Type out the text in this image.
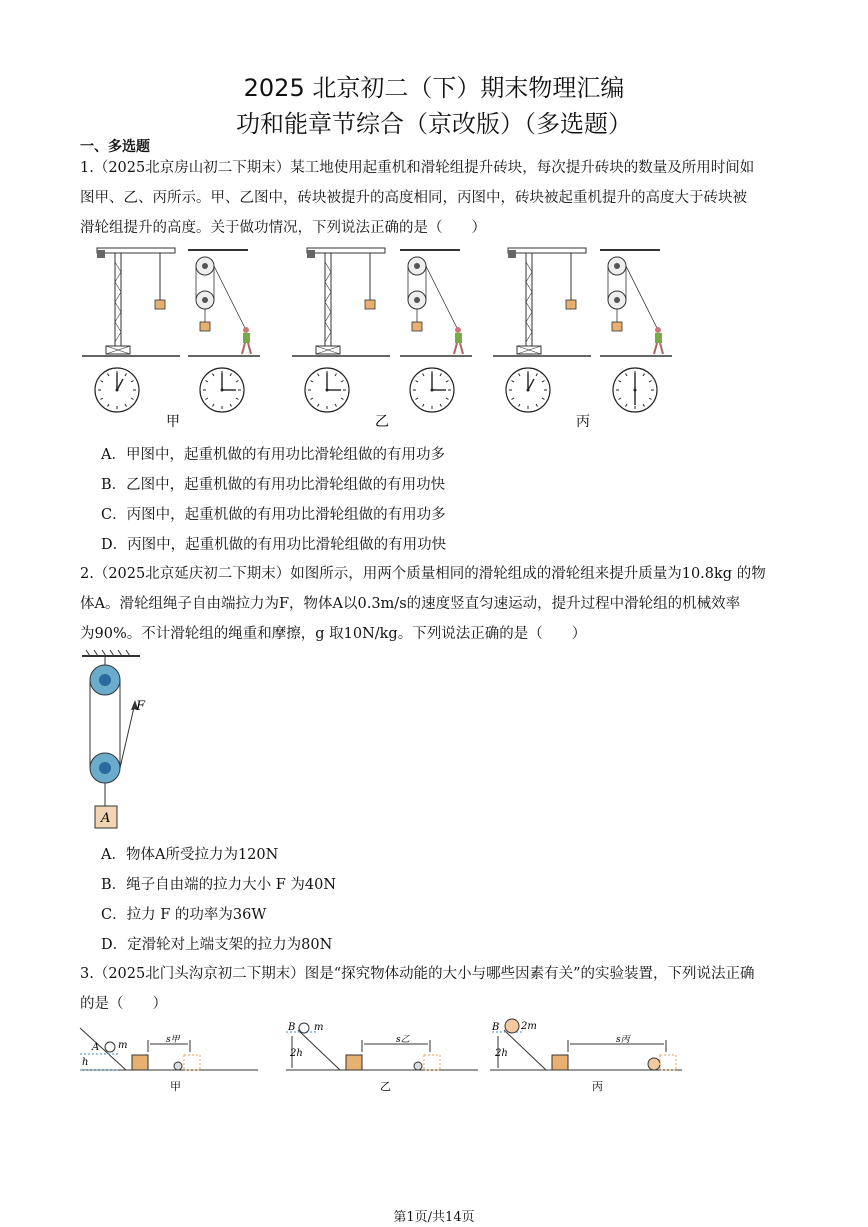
2025 北京初二（下）期末物理汇编
功和能章节综合（京改版）（多选题）
一、多选题
1.（2025北京房山初二下期末）某工地使用起重机和滑轮组提升砖块，每次提升砖块的数量及所用时间如
图甲、乙、丙所示。甲、乙图中，砖块被提升的高度相同，丙图中，砖块被起重机提升的高度大于砖块被
滑轮组提升的高度。关于做功情况，下列说法正确的是（　　）
甲	乙	丙
A．甲图中，起重机做的有用功比滑轮组做的有用功多
B．乙图中，起重机做的有用功比滑轮组做的有用功快
C．丙图中，起重机做的有用功比滑轮组做的有用功多
D．丙图中，起重机做的有用功比滑轮组做的有用功快
2.（2025北京延庆初二下期末）如图所示，用两个质量相同的滑轮组成的滑轮组来提升质量为10.8kg 的物
体A。滑轮组绳子自由端拉力为F，物体A以0.3m/s的速度竖直匀速运动，提升过程中滑轮组的机械效率
为90%。不计滑轮组的绳重和摩擦，g 取10N/kg。下列说法正确的是（　　）
F
A
A．物体A所受拉力为120N
B．绳子自由端的拉力大小 F 为40N
C．拉力 F 的功率为36W
D．定滑轮对上端支架的拉力为80N
3.（2025北门头沟京初二下期末）图是“探究物体动能的大小与哪些因素有关”的实验装置，下列说法正确
的是（　　）
A m
h
s甲
甲
B m
2h
s乙
乙
B 2m
2h
s丙
丙
第1页/共14页
